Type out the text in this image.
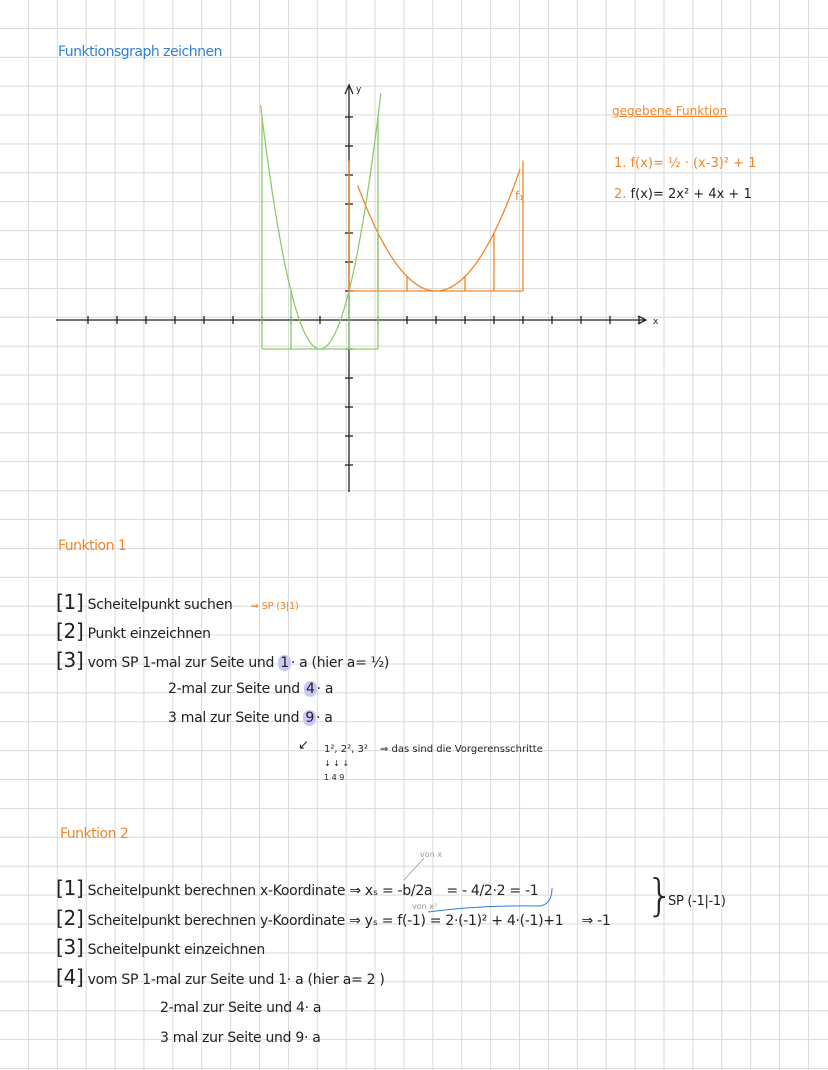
Funktionsgraph zeichnen
y
x
f₁
gegebene Funktion
1. f(x)= ½ · (x-3)² + 1
2. f(x)= 2x² + 4x + 1
Funktion 1
[1] Scheitelpunkt suchen ⇒ SP (3|1)
[2] Punkt einzeichnen
[3] vom SP 1-mal zur Seite und 1 · a (hier a= ½)
2-mal zur Seite und 4 · a
3 mal zur Seite und 9 · a
↙ 1², 2², 3² ⇒ das sind die Vorgerensschritte
↓ ↓ ↓
1 4 9
Funktion 2
von x
[1] Scheitelpunkt berechnen x-Koordinate ⇒ xₛ = -b/2a = - 4/2·2 = -1
von x²
[2] Scheitelpunkt berechnen y-Koordinate ⇒ yₛ = f(-1) = 2·(-1)² + 4·(-1)+1 ⇒ -1 }
SP (-1|-1)
[3] Scheitelpunkt einzeichnen
[4] vom SP 1-mal zur Seite und 1· a (hier a= 2 )
2-mal zur Seite und 4· a
3 mal zur Seite und 9· a
